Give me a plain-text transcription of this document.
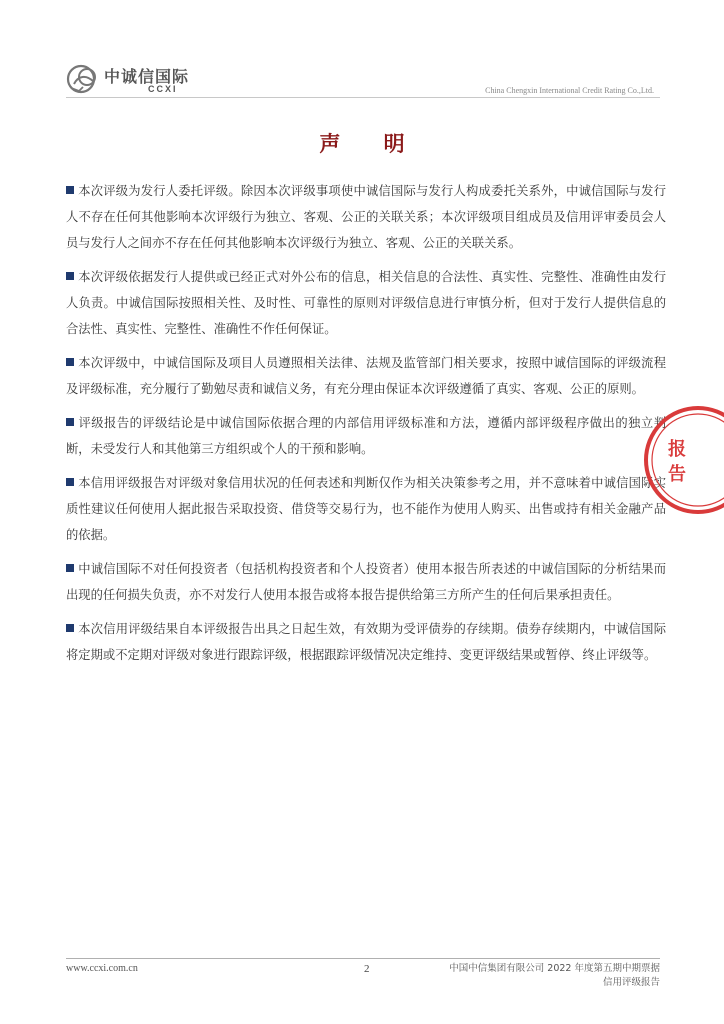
中诚信国际
CCXI	China Chengxin International Credit Rating Co.,Ltd.
声 明

本次评级为发行人委托评级。除因本次评级事项使中诚信国际与发行人构成委托关系外，中诚信国际与发行人不存在任何其他影响本次评级行为独立、客观、公正的关联关系；本次评级项目组成员及信用评审委员会人员与发行人之间亦不存在任何其他影响本次评级行为独立、客观、公正的关联关系。

本次评级依据发行人提供或已经正式对外公布的信息，相关信息的合法性、真实性、完整性、准确性由发行人负责。中诚信国际按照相关性、及时性、可靠性的原则对评级信息进行审慎分析，但对于发行人提供信息的合法性、真实性、完整性、准确性不作任何保证。

本次评级中，中诚信国际及项目人员遵照相关法律、法规及监管部门相关要求，按照中诚信国际的评级流程及评级标准，充分履行了勤勉尽责和诚信义务，有充分理由保证本次评级遵循了真实、客观、公正的原则。

评级报告的评级结论是中诚信国际依据合理的内部信用评级标准和方法，遵循内部评级程序做出的独立判断，未受发行人和其他第三方组织或个人的干预和影响。

本信用评级报告对评级对象信用状况的任何表述和判断仅作为相关决策参考之用，并不意味着中诚信国际实质性建议任何使用人据此报告采取投资、借贷等交易行为，也不能作为使用人购买、出售或持有相关金融产品的依据。

中诚信国际不对任何投资者（包括机构投资者和个人投资者）使用本报告所表述的中诚信国际的分析结果而出现的任何损失负责，亦不对发行人使用本报告或将本报告提供给第三方所产生的任何后果承担责任。

本次信用评级结果自本评级报告出具之日起生效，有效期为受评债券的存续期。债券存续期内，中诚信国际将定期或不定期对评级对象进行跟踪评级，根据跟踪评级情况决定维持、变更评级结果或暂停、终止评级等。

报
告
www.ccxi.com.cn	2	中国中信集团有限公司 2022 年度第五期中期票据
信用评级报告
